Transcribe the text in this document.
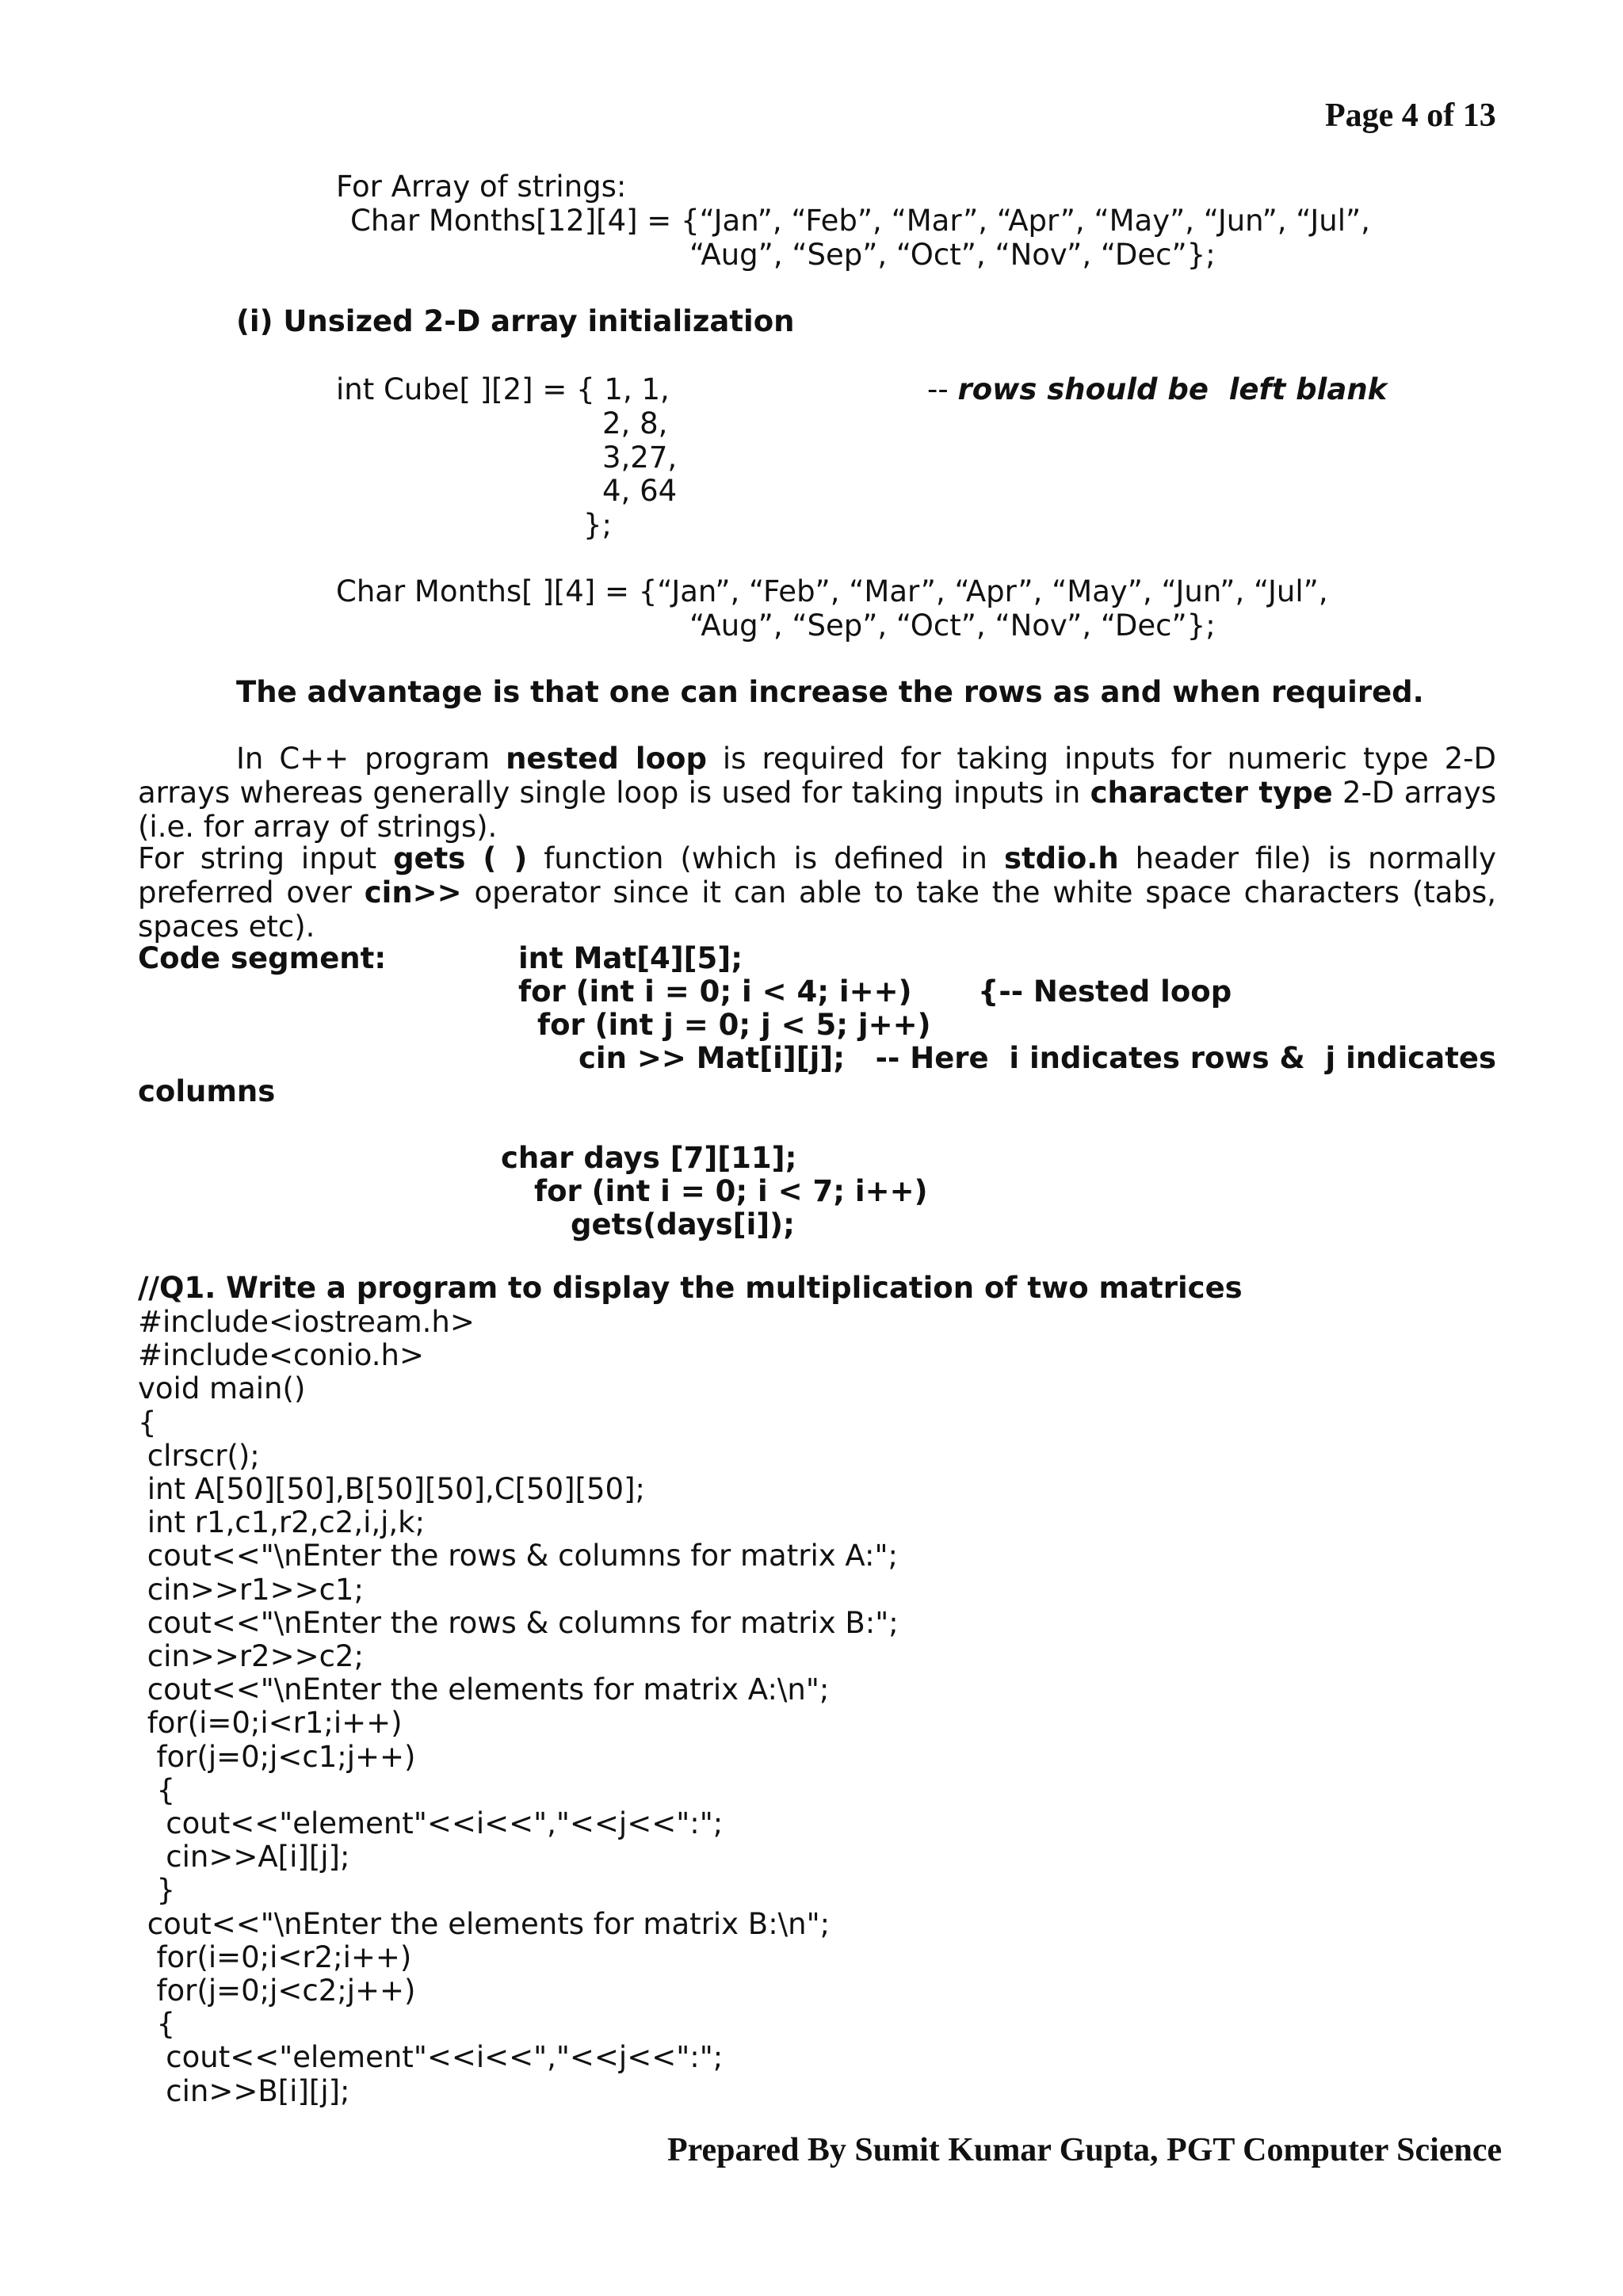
Page 4 of 13
For Array of strings:
Char Months[12][4] = {“Jan”, “Feb”, “Mar”, “Apr”, “May”, “Jun”, “Jul”,
“Aug”, “Sep”, “Oct”, “Nov”, “Dec”};
(i) Unsized 2-D array initialization
int Cube[ ][2] = { 1, 1,	-- rows should be  left blank
2, 8,
3,27,
4, 64
};
Char Months[ ][4] = {“Jan”, “Feb”, “Mar”, “Apr”, “May”, “Jun”, “Jul”,
“Aug”, “Sep”, “Oct”, “Nov”, “Dec”};
The advantage is that one can increase the rows as and when required.
In C++ program nested loop is required for taking inputs for numeric type 2-D arrays whereas generally single loop is used for taking inputs in character type 2-D arrays (i.e. for array of strings).
For string input gets ( ) function (which is defined in stdio.h header file) is normally preferred over cin>> operator since it can able to take the white space characters (tabs, spaces etc).
Code segment:	int Mat[4][5];
for (int i = 0; i < 4; i++) {-- Nested loop
for (int j = 0; j < 5; j++)
cin >> Mat[i][j];   -- Here  i indicates rows &  j indicates
columns
char days [7][11];
for (int i = 0; i < 7; i++)
gets(days[i]);
//Q1. Write a program to display the multiplication of two matrices
#include<iostream.h>
#include<conio.h>
void main()
{
clrscr();
int A[50][50],B[50][50],C[50][50];
int r1,c1,r2,c2,i,j,k;
cout<<"\nEnter the rows & columns for matrix A:";
cin>>r1>>c1;
cout<<"\nEnter the rows & columns for matrix B:";
cin>>r2>>c2;
cout<<"\nEnter the elements for matrix A:\n";
for(i=0;i<r1;i++)
for(j=0;j<c1;j++)
{
cout<<"element"<<i<<","<<j<<":";
cin>>A[i][j];
}
cout<<"\nEnter the elements for matrix B:\n";
for(i=0;i<r2;i++)
for(j=0;j<c2;j++)
{
cout<<"element"<<i<<","<<j<<":";
cin>>B[i][j];
Prepared By Sumit Kumar Gupta, PGT Computer Science
